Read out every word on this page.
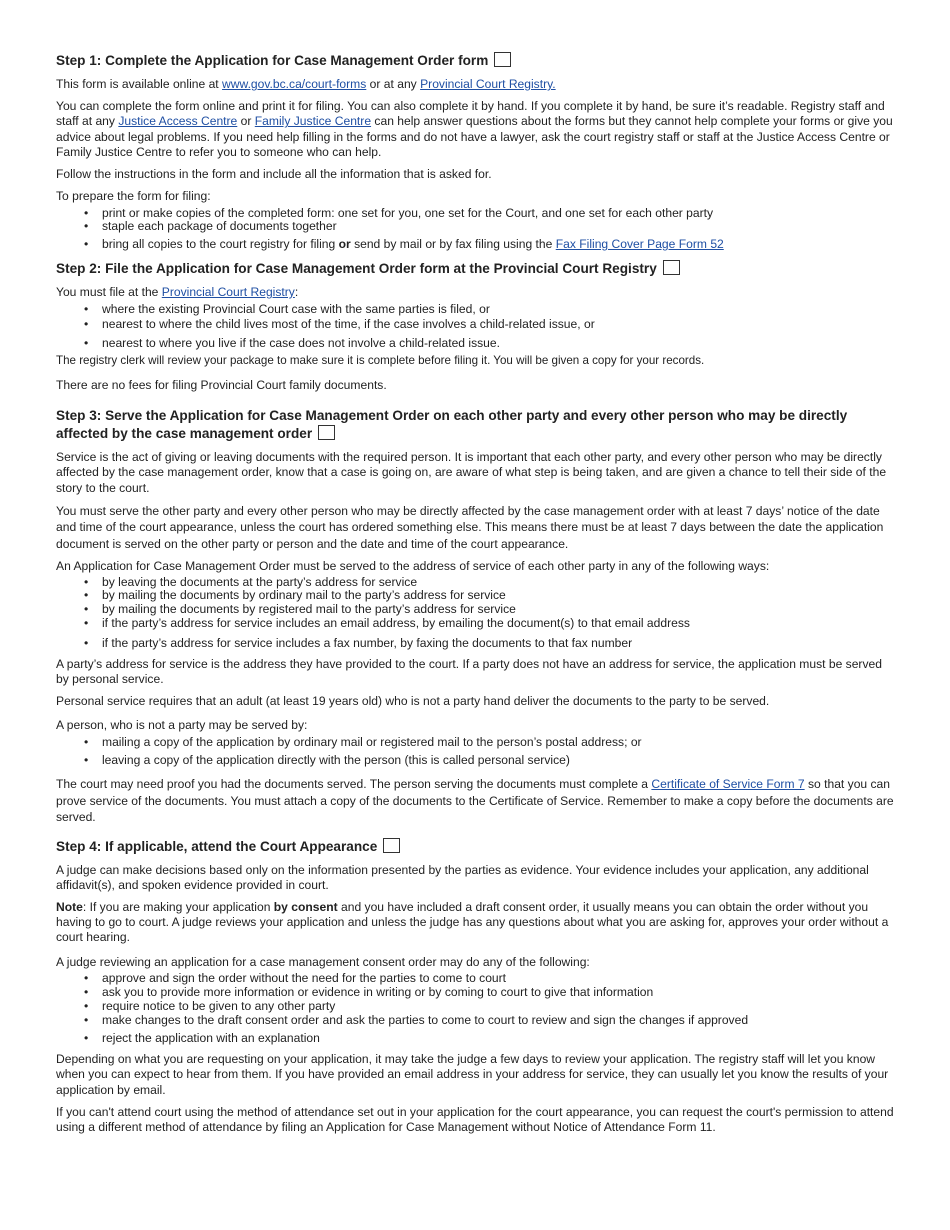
Step 1: Complete the Application for Case Management Order form

This form is available online at www.gov.bc.ca/court-forms or at any Provincial Court Registry.

You can complete the form online and print it for filing. You can also complete it by hand. If you complete it by hand, be sure it’s readable. Registry staff and staff at any Justice Access Centre or Family Justice Centre can help answer questions about the forms but they cannot help complete your forms or give you advice about legal problems. If you need help filling in the forms and do not have a lawyer, ask the court registry staff or staff at the Justice Access Centre or Family Justice Centre to refer you to someone who can help.

Follow the instructions in the form and include all the information that is asked for.

To prepare the form for filing:

• print or make copies of the completed form: one set for you, one set for the Court, and one set for each other party
• staple each package of documents together
• bring all copies to the court registry for filing or send by mail or by fax filing using the Fax Filing Cover Page Form 52
Step 2: File the Application for Case Management Order form at the Provincial Court Registry

You must file at the Provincial Court Registry:

• where the existing Provincial Court case with the same parties is filed, or
• nearest to where the child lives most of the time, if the case involves a child-related issue, or
• nearest to where you live if the case does not involve a child-related issue.

The registry clerk will review your package to make sure it is complete before filing it. You will be given a copy for your records.

There are no fees for filing Provincial Court family documents.

Step 3: Serve the Application for Case Management Order on each other party and every other person who may be directly affected by the case management order

Service is the act of giving or leaving documents with the required person. It is important that each other party, and every other person who may be directly affected by the case management order, know that a case is going on, are aware of what step is being taken, and are given a chance to tell their side of the story to the court.

You must serve the other party and every other person who may be directly affected by the case management order with at least 7 days’ notice of the date and time of the court appearance, unless the court has ordered something else. This means there must be at least 7 days between the date the application document is served on the other party or person and the date and time of the court appearance.

An Application for Case Management Order must be served to the address of service of each other party in any of the following ways:

• by leaving the documents at the party’s address for service
• by mailing the documents by ordinary mail to the party’s address for service
• by mailing the documents by registered mail to the party’s address for service
• if the party’s address for service includes an email address, by emailing the document(s) to that email address
• if the party’s address for service includes a fax number, by faxing the documents to that fax number

A party’s address for service is the address they have provided to the court. If a party does not have an address for service, the application must be served by personal service.

Personal service requires that an adult (at least 19 years old) who is not a party hand deliver the documents to the party to be served.

A person, who is not a party may be served by:

• mailing a copy of the application by ordinary mail or registered mail to the person’s postal address; or
• leaving a copy of the application directly with the person (this is called personal service)

The court may need proof you had the documents served. The person serving the documents must complete a Certificate of Service Form 7 so that you can prove service of the documents. You must attach a copy of the documents to the Certificate of Service. Remember to make a copy before the documents are served.

Step 4: If applicable, attend the Court Appearance

A judge can make decisions based only on the information presented by the parties as evidence. Your evidence includes your application, any additional affidavit(s), and spoken evidence provided in court.

Note: If you are making your application by consent and you have included a draft consent order, it usually means you can obtain the order without you having to go to court. A judge reviews your application and unless the judge has any questions about what you are asking for, approves your order without a court hearing.

A judge reviewing an application for a case management consent order may do any of the following:

• approve and sign the order without the need for the parties to come to court
• ask you to provide more information or evidence in writing or by coming to court to give that information
• require notice to be given to any other party
• make changes to the draft consent order and ask the parties to come to court to review and sign the changes if approved
• reject the application with an explanation

Depending on what you are requesting on your application, it may take the judge a few days to review your application. The registry staff will let you know when you can expect to hear from them. If you have provided an email address in your address for service, they can usually let you know the results of your application by email.

If you can't attend court using the method of attendance set out in your application for the court appearance, you can request the court's permission to attend using a different method of attendance by filing an Application for Case Management without Notice of Attendance Form 11.
